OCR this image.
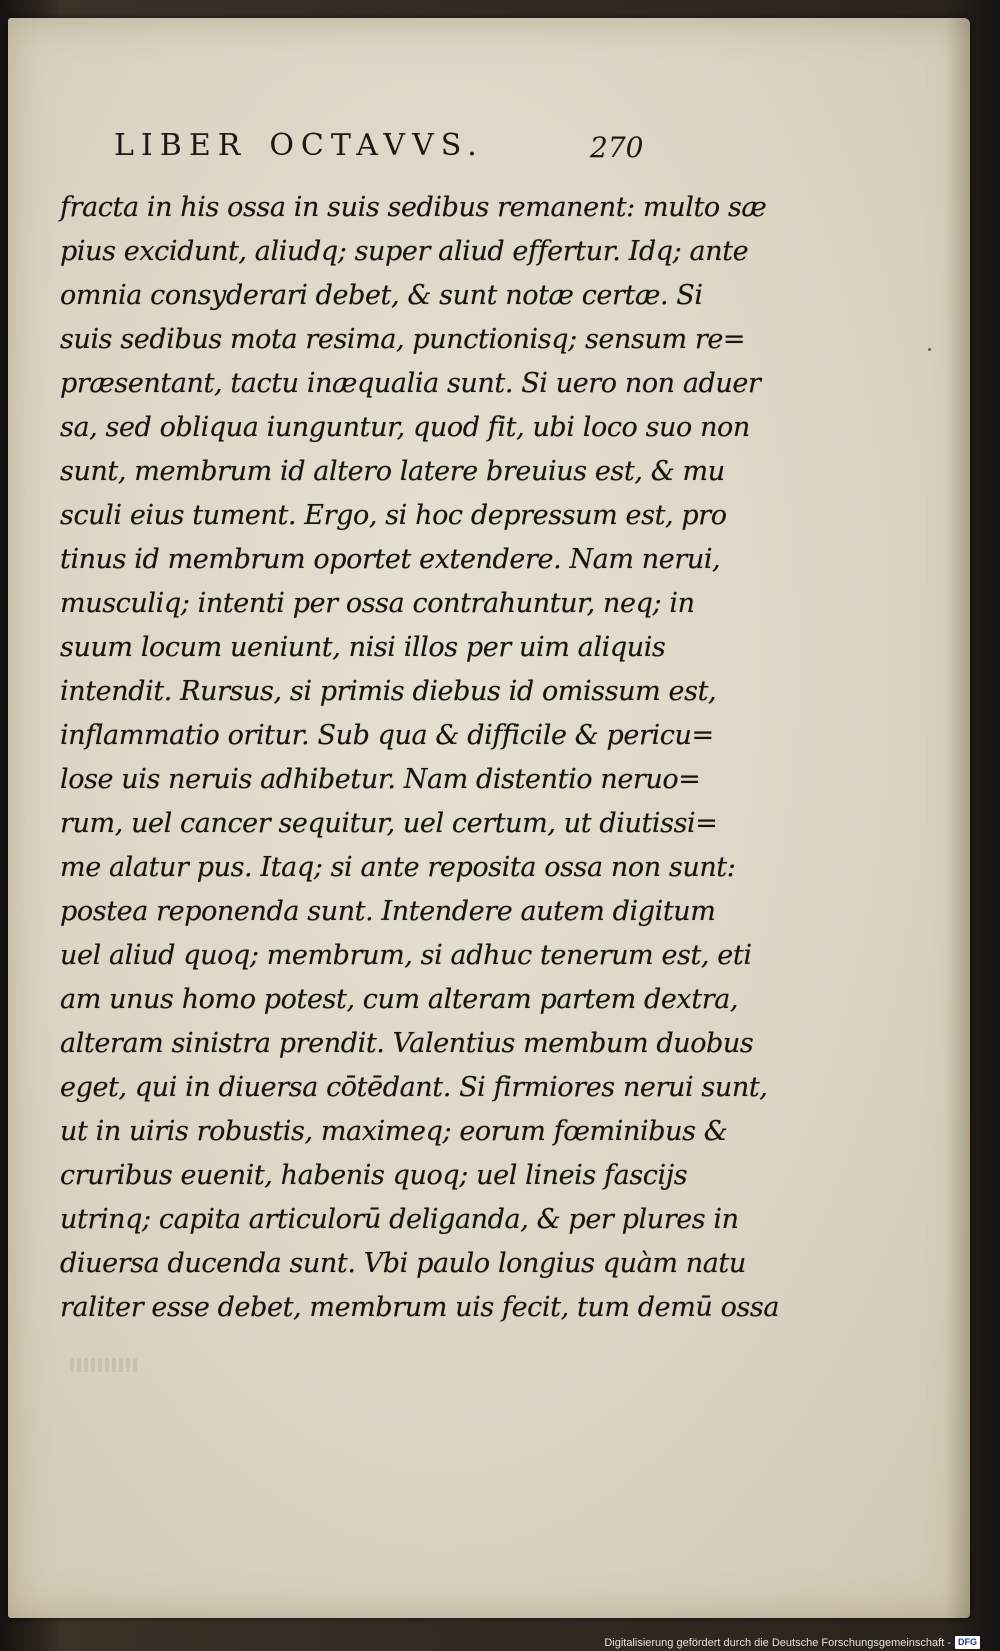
LIBER OCTAVVS.	270
fracta in his ossa in suis sedibus remanent: multo sæ
pius excidunt, aliudq; super aliud effertur. Idq; ante
omnia consyderari debet, & sunt notæ certæ. Si
suis sedibus mota resima, punctionisq; sensum re=
præsentant, tactu inæqualia sunt. Si uero non aduer
sa, sed obliqua iunguntur, quod fit, ubi loco suo non
sunt, membrum id altero latere breuius est, & mu
sculi eius tument. Ergo, si hoc depressum est, pro
tinus id membrum oportet extendere. Nam nerui,
musculiq; intenti per ossa contrahuntur, neq; in
suum locum ueniunt, nisi illos per uim aliquis
intendit. Rursus, si primis diebus id omissum est,
inflammatio oritur. Sub qua & difficile & pericu=
lose uis neruis adhibetur. Nam distentio neruo=
rum, uel cancer sequitur, uel certum, ut diutissi=
me alatur pus. Itaq; si ante reposita ossa non sunt:
postea reponenda sunt. Intendere autem digitum
uel aliud quoq; membrum, si adhuc tenerum est, eti
am unus homo potest, cum alteram partem dextra,
alteram sinistra prendit. Valentius membum duobus
eget, qui in diuersa cōtēdant. Si firmiores nerui sunt,
ut in uiris robustis, maximeq; eorum fœminibus &
cruribus euenit, habenis quoq; uel lineis fascijs
utrinq; capita articulorū deliganda, & per plures in
diuersa ducenda sunt. Vbi paulo longius quàm natu
raliter esse debet, membrum uis fecit, tum demū ossa
Digitalisierung gefördert durch die Deutsche Forschungsgemeinschaft - DFG
